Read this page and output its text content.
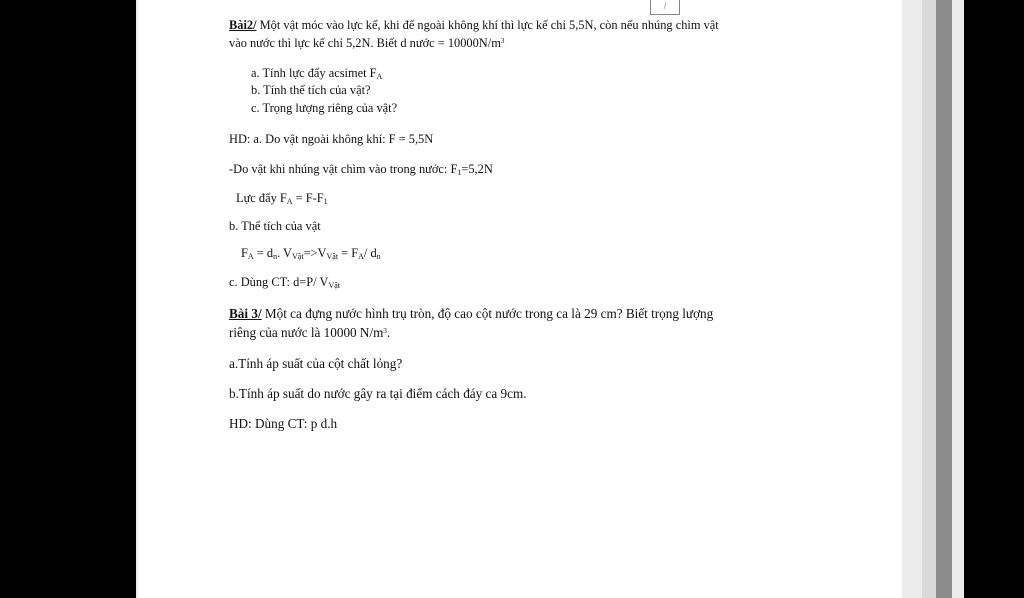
/
Bài2/ Một vật móc vào lực kế, khi để ngoài không khí thì lực kế chỉ 5,5N, còn nếu nhúng chìm vật
vào nước thì lực kế chỉ 5,2N. Biết d nước = $10000N/m^3$
a. Tính lực đẩy acsimet $F_A$
b. Tính thể tích của vật?
c. Trọng lượng riêng của vật?
HD: a. Do vật ngoài không khí: F = 5,5N
-Do vật khi nhúng vật chìm vào trong nước: $F_1=5,2N$
Lực đẩy $F_A = F-F_1$
b. Thể tích của vật
$F_A = d_n$. $V_{Vật}=>V_{Vật} = F_A/$ $d_n$
c. Dùng CT: d=P/ $V_{Vật}$
Bài 3/ Một ca đựng nước hình trụ tròn, độ cao cột nước trong ca là 29 cm? Biết trọng lượng
riêng của nước là 10000 $N/m^3$.
a.Tính áp suất của cột chất lỏng?
b.Tính áp suất do nước gây ra tại điểm cách đáy ca 9cm.
HD: Dùng CT: p d.h
